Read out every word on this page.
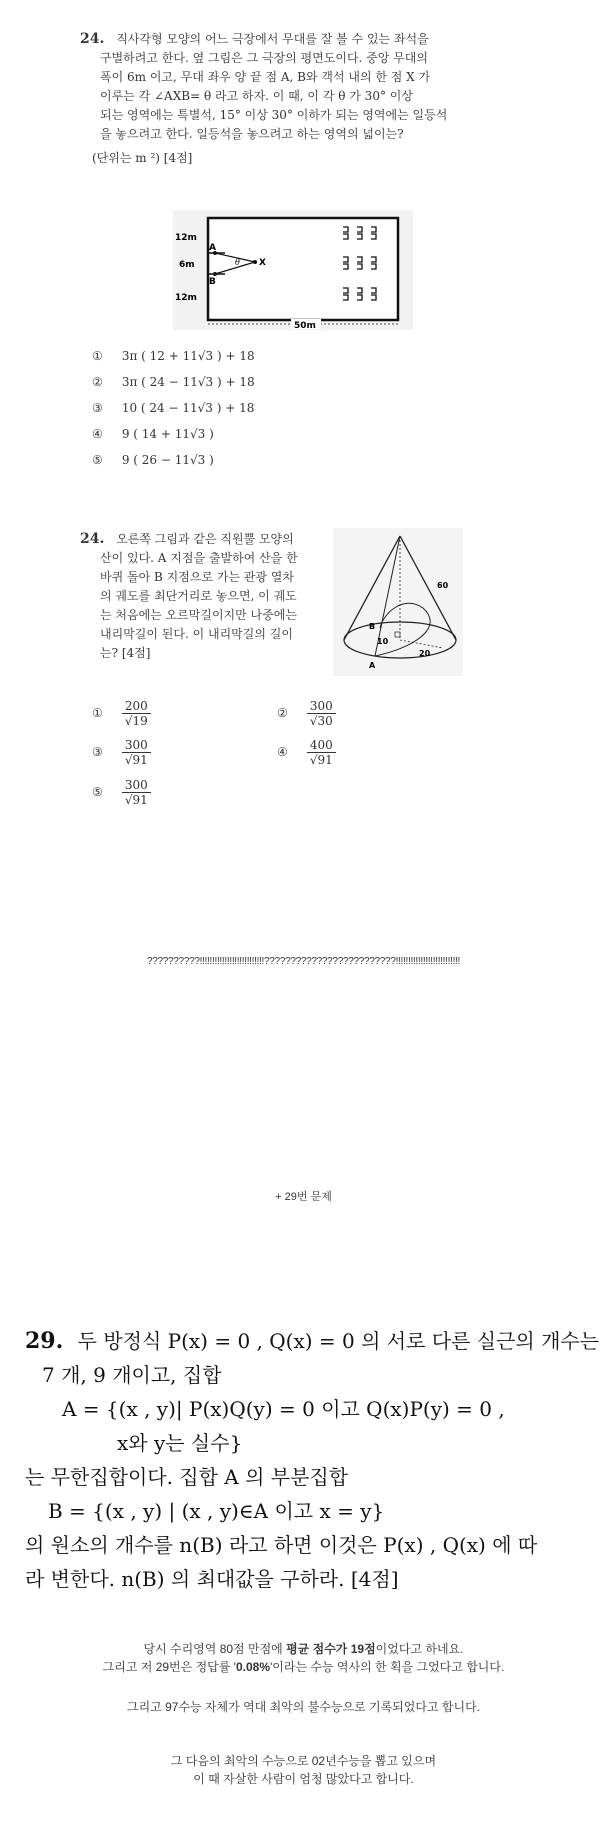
24. 직사각형 모양의 어느 극장에서 무대를 잘 볼 수 있는 좌석을
구별하려고 한다. 옆 그림은 그 극장의 평면도이다. 중앙 무대의
폭이 6m 이고, 무대 좌우 양 끝 점 A, B와 객석 내의 한 점 X 가
이루는 각 ∠AXB= θ 라고 하자. 이 때, 이 각 θ 가 30° 이상
되는 영역에는 특별석, 15° 이상 30° 이하가 되는 영역에는 일등석
을 놓으려고 한다. 일등석을 놓으려고 하는 영역의 넓이는?
(단위는 m ²) [4점]
12m
6m
12m
A
B
X
θ
50m
① 3π ( 12 + 11√3 ) + 18
② 3π ( 24 − 11√3 ) + 18
③ 10 ( 24 − 11√3 ) + 18
④ 9 ( 14 + 11√3 )
⑤ 9 ( 26 − 11√3 )
24. 오른쪽 그림과 같은 직원뿔 모양의
산이 있다. A 지점을 출발하여 산을 한
바퀴 돌아 B 지점으로 가는 관광 열차
의 궤도를 최단거리로 놓으면, 이 궤도
는 처음에는 오르막길이지만 나중에는
내리막길이 된다. 이 내리막길의 길이
는? [4점]
60
10
20
A
B
① $\frac{200}{√19}$	② $\frac{300}{√30}$
③ $\frac{300}{√91}$	④ $\frac{400}{√91}$
⑤ $\frac{300}{√91}$
??????????!!!!!!!!!!!!!!!!!!!!!!!!!!?????????????????????????!!!!!!!!!!!!!!!!!!!!!!!!!!
+ 29번 문제
29. 두 방정식 P(x) = 0 , Q(x) = 0 의 서로 다른 실근의 개수는
7 개, 9 개이고, 집합
A = {(x , y)| P(x)Q(y) = 0 이고 Q(x)P(y) = 0 ,
x와 y는 실수}
는 무한집합이다. 집합 A 의 부분집합
B = {(x , y) | (x , y)∈A 이고 x = y}
의 원소의 개수를 n(B) 라고 하면 이것은 P(x) , Q(x) 에 따
라 변한다. n(B) 의 최대값을 구하라. [4점]
당시 수리영역 80점 만점에 평균 점수가 19점이었다고 하네요.
그리고 저 29번은 정답률 '0.08%'이라는 수능 역사의 한 획을 그었다고 합니다.
그리고 97수능 자체가 역대 최악의 불수능으로 기록되었다고 합니다.
그 다음의 최악의 수능으로 02년수능을 뽑고 있으며
이 때 자살한 사람이 엄청 많았다고 합니다.
